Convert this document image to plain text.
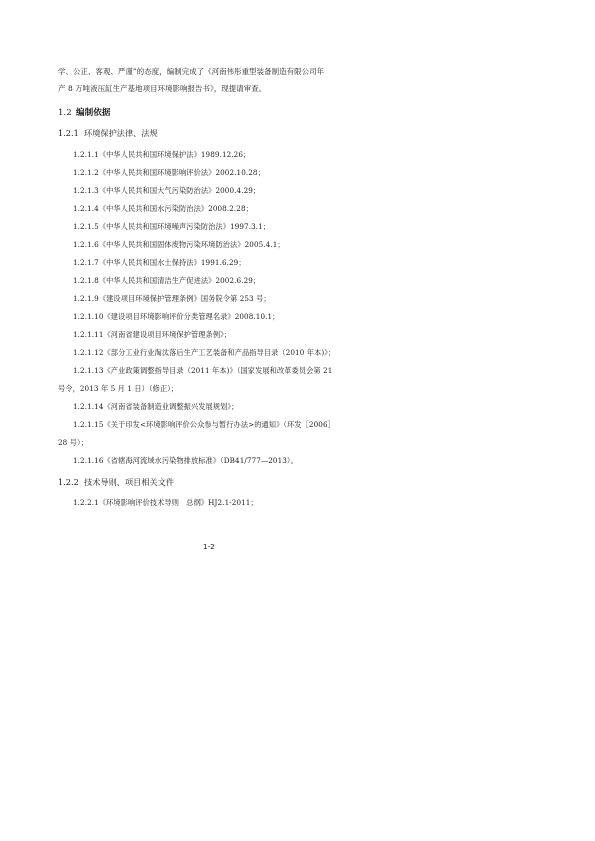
学、公正、客观、严谨”的态度，编制完成了《河南伟彤重型装备制造有限公司年
产 8 万吨液压缸生产基地项目环境影响报告书》，现提请审查。
1.2 编制依据
1.2.1 环境保护法律、法规
1.2.1.1《中华人民共和国环境保护法》1989.12.26；
1.2.1.2《中华人民共和国环境影响评价法》2002.10.28；
1.2.1.3《中华人民共和国大气污染防治法》2000.4.29；
1.2.1.4《中华人民共和国水污染防治法》2008.2.28；
1.2.1.5《中华人民共和国环境噪声污染防治法》1997.3.1；
1.2.1.6《中华人民共和国固体废物污染环境防治法》2005.4.1；
1.2.1.7《中华人民共和国水土保持法》1991.6.29；
1.2.1.8《中华人民共和国清洁生产促进法》2002.6.29；
1.2.1.9《建设项目环境保护管理条例》国务院令第 253 号；
1.2.1.10《建设项目环境影响评价分类管理名录》2008.10.1；
1.2.1.11《河南省建设项目环境保护管理条例》；
1.2.1.12《部分工业行业淘汰落后生产工艺装备和产品指导目录（2010 年本)》；
1.2.1.13《产业政策调整指导目录（2011 年本)》（国家发展和改革委员会第 21
号令，2013 年 5 月 1 日）（修正）；
1.2.1.14《河南省装备制造业调整振兴发展规划》；
1.2.1.15《关于印发<环境影响评价公众参与暂行办法>的通知》（环发［2006］
28 号）；
1.2.1.16《省辖海河流域水污染物排放标准》（DB41/777—2013）。
1.2.2 技术导则、项目相关文件
1.2.2.1《环境影响评价技术导则　总纲》HJ2.1-2011；
1-2
